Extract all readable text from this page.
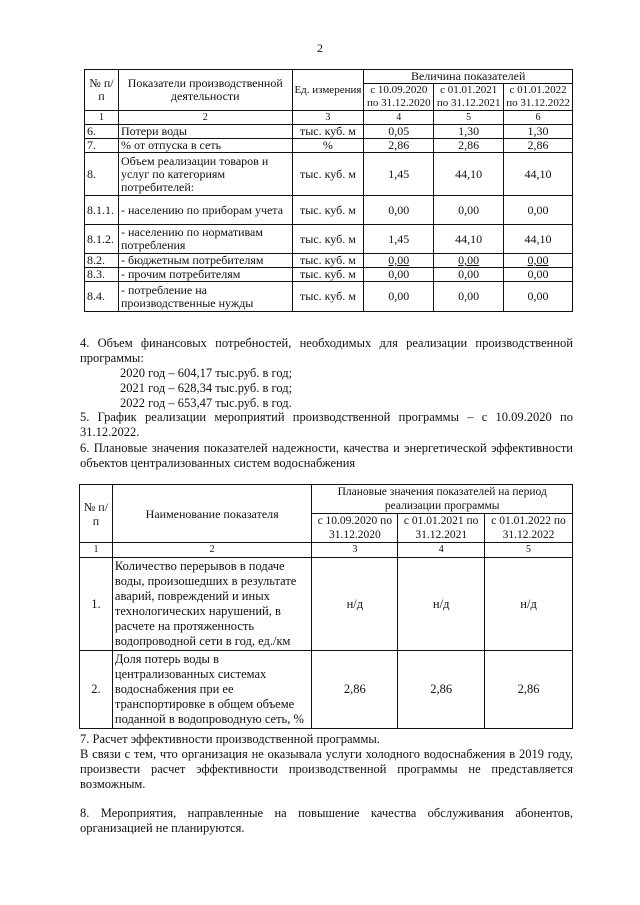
2
№ п/п	Показатели производственной деятельности	Ед. измерения	Величина показателей		
			с 10.09.2020 по 31.12.2020	с 01.01.2021 по 31.12.2021	с 01.01.2022 по 31.12.2022
1	2	3	4	5	6
6.	Потери воды	тыс. куб. м	0,05	1,30	1,30
7.	% от отпуска в сеть	%	2,86	2,86	2,86
8.	Объем реализации товаров и услуг по категориям потребителей:	тыс. куб. м	1,45	44,10	44,10
8.1.1.	- населению по приборам учета	тыс. куб. м	0,00	0,00	0,00
8.1.2.	- населению по нормативам потребления	тыс. куб. м	1,45	44,10	44,10
8.2.	- бюджетным потребителям	тыс. куб. м	0,00	0,00	0,00
8.3.	- прочим потребителям	тыс. куб. м	0,00	0,00	0,00
8.4.	- потребление на производственные нужды	тыс. куб. м	0,00	0,00	0,00
4. Объем финансовых потребностей, необходимых для реализации производственной программы:
2020 год – 604,17 тыс.руб. в год;
2021 год – 628,34 тыс.руб. в год;
2022 год – 653,47 тыс.руб. в год.
5. График реализации мероприятий производственной программы – с 10.09.2020 по 31.12.2022.
6. Плановые значения показателей надежности, качества и энергетической эффективности объектов централизованных систем водоснабжения
№ п/п	Наименование показателя	Плановые значения показателей на период реализации программы		
		с 10.09.2020 по 31.12.2020	с 01.01.2021 по 31.12.2021	с 01.01.2022 по 31.12.2022
1	2	3	4	5
1.	Количество перерывов в подаче воды, произошедших в результате аварий, повреждений и иных технологических нарушений, в расчете на протяженность водопроводной сети в год, ед./км	н/д	н/д	н/д
2.	Доля потерь воды в централизованных системах водоснабжения при ее транспортировке в общем объеме поданной в водопроводную сеть, %	2,86	2,86	2,86
7. Расчет эффективности производственной программы.
В связи с тем, что организация не оказывала услуги холодного водоснабжения в 2019 году, произвести расчет эффективности производственной программы не представляется возможным.
8. Мероприятия, направленные на повышение качества обслуживания абонентов, организацией не планируются.
